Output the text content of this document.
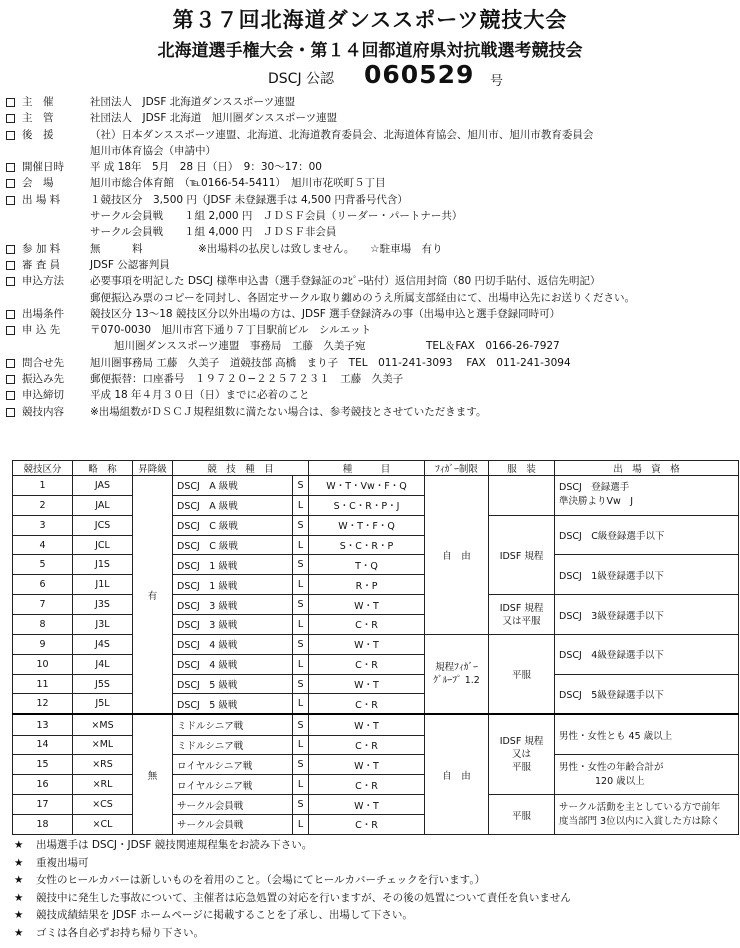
第３７回北海道ダンススポーツ競技大会
北海道選手権大会・第１４回都道府県対抗戦選考競技会
DSCJ 公認 060529 号
主　催	社団法人　JDSF 北海道ダンススポーツ連盟
主　管	社団法人　JDSF 北海道　旭川圏ダンススポーツ連盟
後　援	（社）日本ダンススポーツ連盟、北海道、北海道教育委員会、北海道体育協会、旭川市、旭川市教育委員会
旭川市体育協会（申請中）
開催日時 平 成 18年　5月　28 日（日）　9：30～17：00
会　場	旭川市総合体育館　（℡0166-54-5411）　旭川市花咲町５丁目
出 場 料	１競技区分　3,500 円（JDSF 未登録選手は 4,500 円背番号代含）
サークル会員戦　　１組 2,000 円　ＪＤＳＦ会員（リーダー・パートナー共）
サークル会員戦　　１組 4,000 円　ＪＤＳＦ非会員
参 加 料	無　　　料	※出場料の払戻しは致しません。　　☆駐車場　有り
審 査 員	JDSF 公認審判員
申込方法 必要事項を明記した DSCJ 様準申込書（選手登録証のｺﾋﾟｰ貼付）返信用封筒（80 円切手貼付、返信先明記）
郵便振込み票のコピーを同封し、各固定サークル取り纏めのうえ所属支部経由にて、出場申込先にお送りください。
出場条件 競技区分 13～18 競技区分以外出場の方は、JDSF 選手登録済みの事（出場申込と選手登録同時可）
申 込 先	〒070-0030　旭川市宮下通り７丁目駅前ビル　シルエット
旭川圏ダンススポーツ連盟　事務局　工藤　久美子宛	TEL＆FAX　0166-26-7927
問合せ先 旭川圏事務局 工藤　久美子　道競技部 高橋　まり子　TEL　011-241-3093　 FAX　011-241-3094
振込み先 郵便振替：口座番号　１９７２０−２２５７２３１　工藤　久美子
申込締切 平成 18 年４月３０日（日）までに必着のこと
競技内容 ※出場組数がＤＳＣＪ規程組数に満たない場合は、参考競技とさせていただきます。
競技区分	略　称	昇降級	競　技　種　目		種　　　目	ﾌｨｶﾞｰ制限	服　装	出　場　資　格
1	JAS	有	DSCJ　A 級戦	S	W・T・Vw・F・Q	自　由		DSCJ　登録選手
準決勝よりVw　J

2	JAL		DSCJ　A 級戦	L	S・C・R・P・J			
3	JCS		DSCJ　C 級戦	S	W・T・F・Q		IDSF 規程	DSCJ　C級登録選手以下
4	JCL		DSCJ　C 級戦	L	S・C・R・P			
5	J1S		DSCJ　1 級戦	S	T・Q			DSCJ　1級登録選手以下
6	J1L		DSCJ　1 級戦	L	R・P			
7	J3S		DSCJ　3 級戦	S	W・T		IDSF 規程
又は平服	DSCJ　3級登録選手以下
8	J3L		DSCJ　3 級戦	L	C・R			
9	J4S		DSCJ　4 級戦	S	W・T	規程ﾌｨｶﾞｰ
ｸﾞﾙｰﾌﾟ 1.2	平服	DSCJ　4級登録選手以下
10	J4L		DSCJ　4 級戦	L	C・R			
11	J5S		DSCJ　5 級戦	S	W・T			DSCJ　5級登録選手以下
12	J5L		DSCJ　5 級戦	L	C・R			
13	×MS	無	ミドルシニア戦	S	W・T	自　由	IDSF 規程
又は
平服	男性・女性とも 45 歳以上
14	×ML		ミドルシニア戦	L	C・R			
15	×RS		ロイヤルシニア戦	S	W・T			男性・女性の年齢合計が
120 歳以上

16	×RL		ロイヤルシニア戦	L	C・R			
17	×CS		サークル会員戦	S	W・T		平服	サークル活動を主としている方で前年
度当部門 3位以内に入賞した方は除く

18	×CL		サークル会員戦	L	C・R			
★ 出場選手は DSCJ・JDSF 競技関連規程集をお読み下さい。
★ 重複出場可
★ 女性のヒールカバーは新しいものを着用のこと。（会場にてヒールカバーチェックを行います。）
★ 競技中に発生した事故について、主催者は応急処置の対応を行いますが、その後の処置について責任を負いません
★ 競技成績結果を JDSF ホームページに掲載することを了承し、出場して下さい。
★ ゴミは各自必ずお持ち帰り下さい。
